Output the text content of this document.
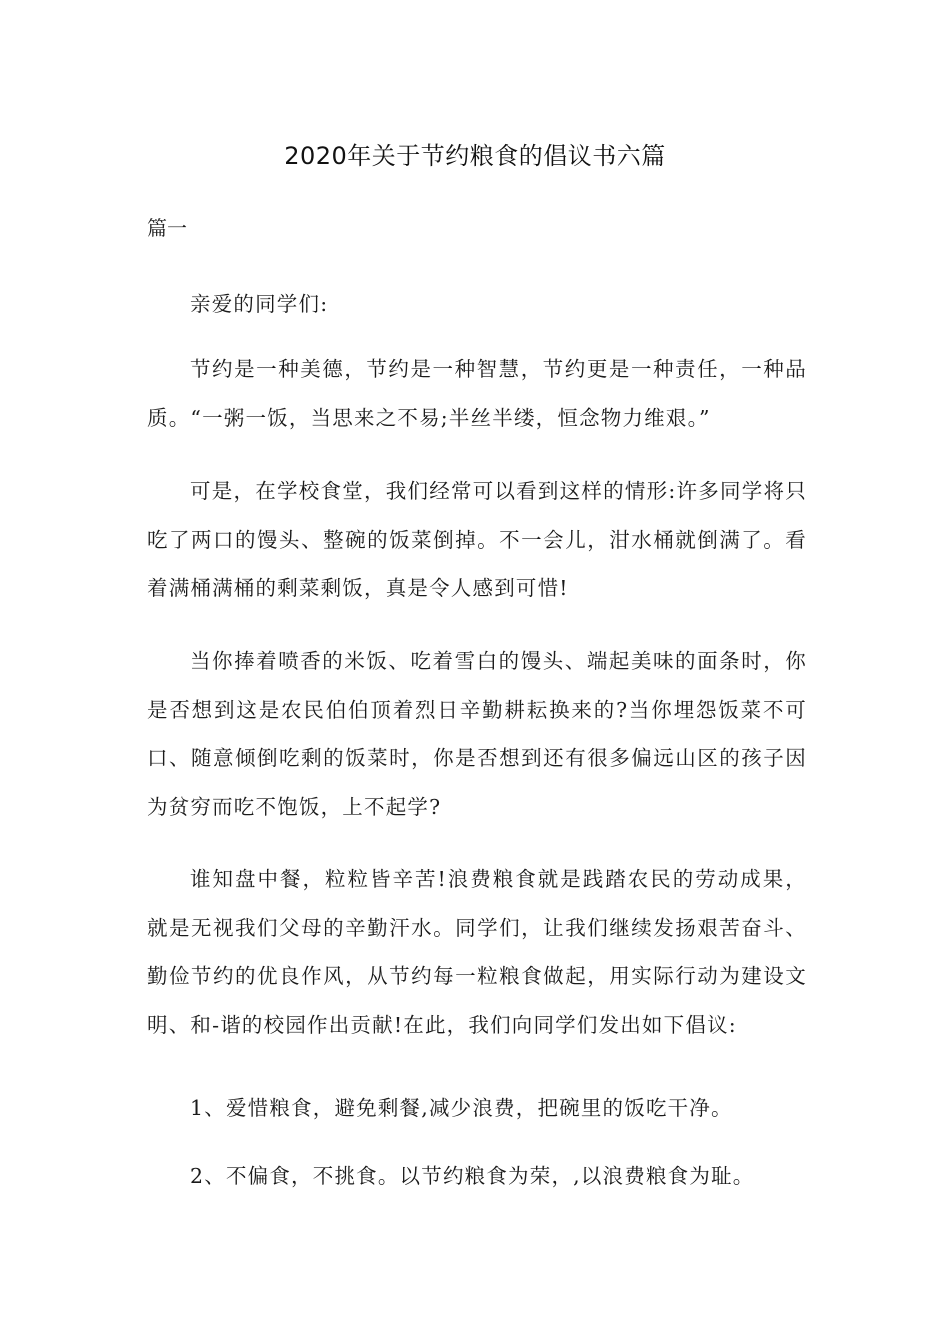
2020年关于节约粮食的倡议书六篇

篇一

亲爱的同学们:

节约是一种美德，节约是一种智慧，节约更是一种责任，一种品质。“一粥一饭，当思来之不易;半丝半缕，恒念物力维艰。”

可是，在学校食堂，我们经常可以看到这样的情形:许多同学将只吃了两口的馒头、整碗的饭菜倒掉。不一会儿，泔水桶就倒满了。看着满桶满桶的剩菜剩饭，真是令人感到可惜!

当你捧着喷香的米饭、吃着雪白的馒头、端起美味的面条时，你是否想到这是农民伯伯顶着烈日辛勤耕耘换来的?当你埋怨饭菜不可口、随意倾倒吃剩的饭菜时，你是否想到还有很多偏远山区的孩子因为贫穷而吃不饱饭，上不起学?

谁知盘中餐，粒粒皆辛苦!浪费粮食就是践踏农民的劳动成果，就是无视我们父母的辛勤汗水。同学们，让我们继续发扬艰苦奋斗、勤俭节约的优良作风，从节约每一粒粮食做起，用实际行动为建设文明、和-谐的校园作出贡献!在此，我们向同学们发出如下倡议:

1、爱惜粮食，避免剩餐,减少浪费，把碗里的饭吃干净。

2、不偏食，不挑食。以节约粮食为荣，,以浪费粮食为耻。
